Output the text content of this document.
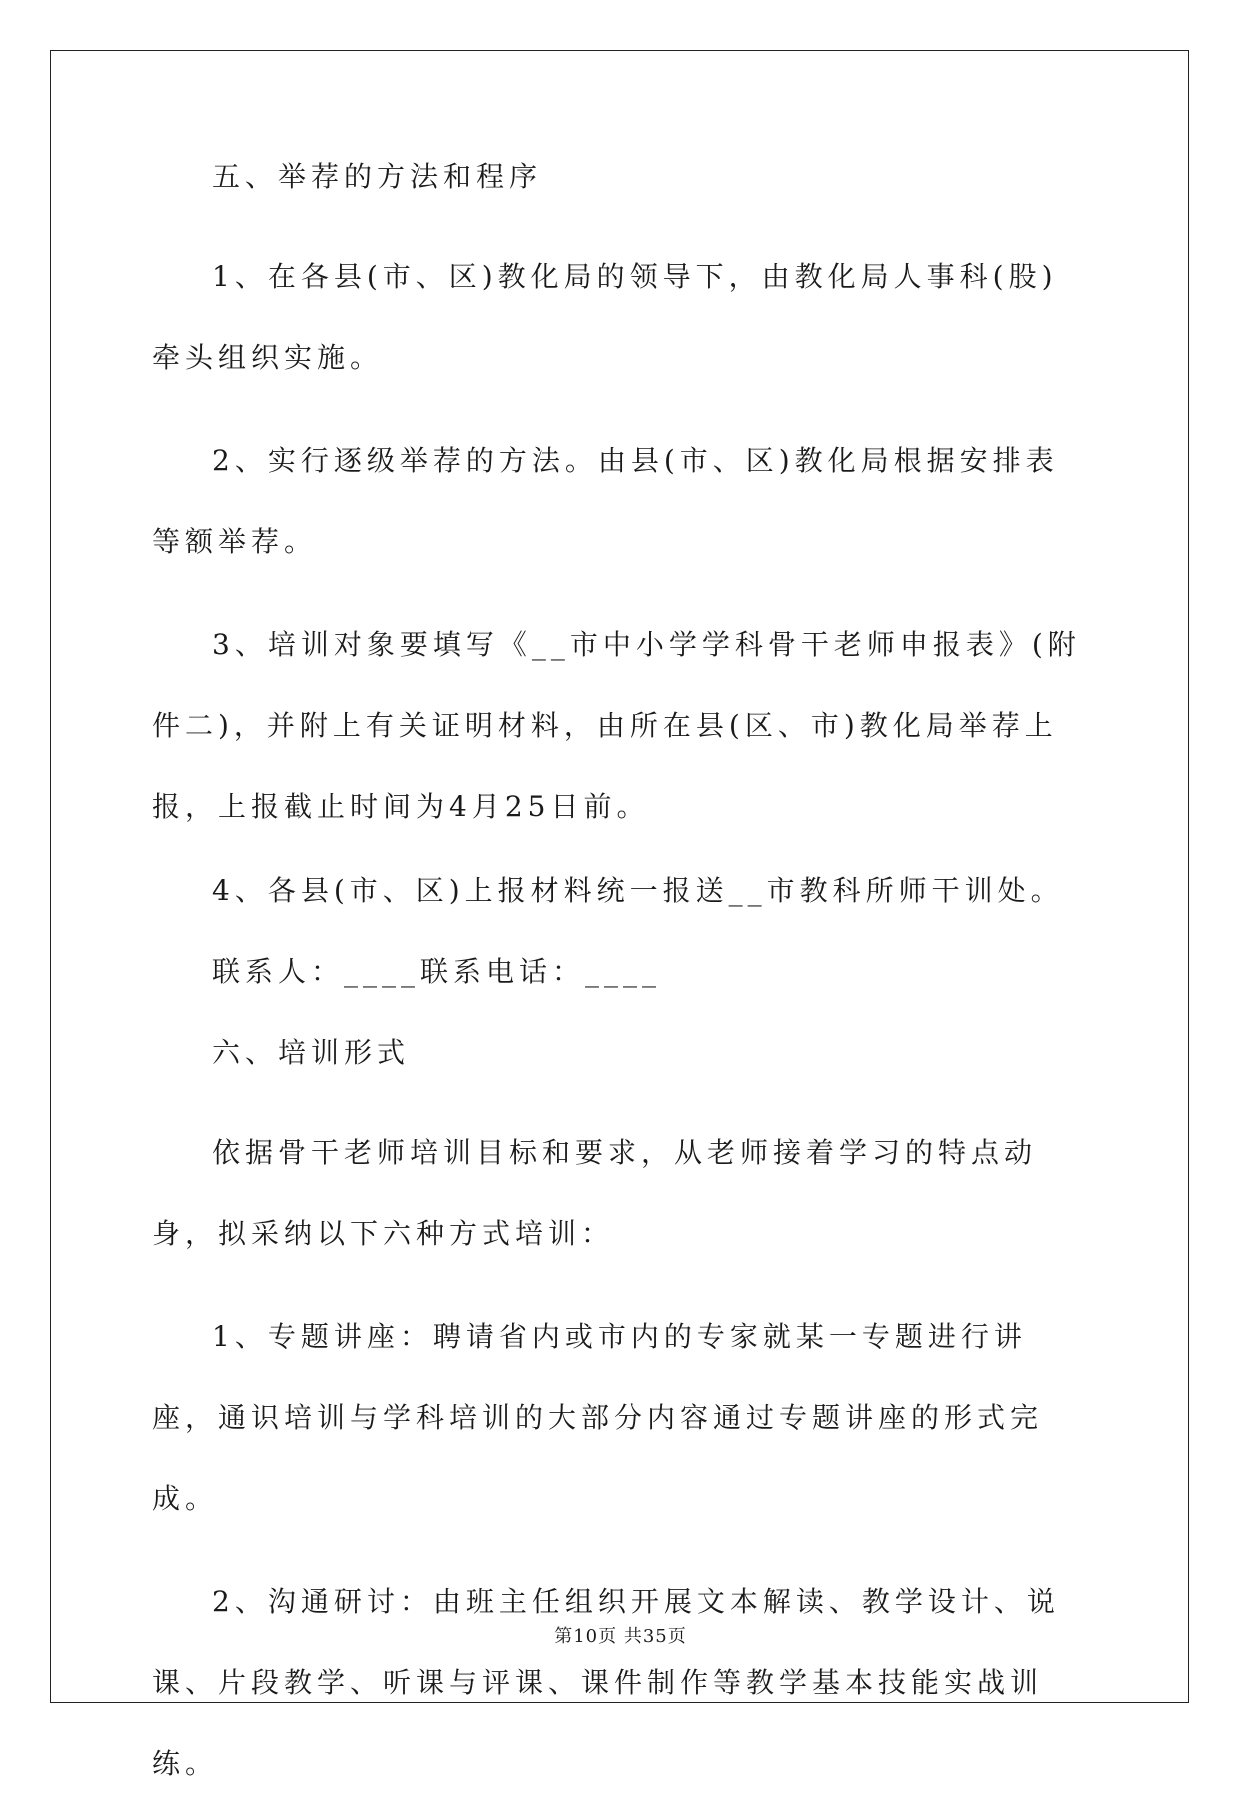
五、举荐的方法和程序

1、在各县(市、区)教化局的领导下，由教化局人事科(股)牵头组织实施。

2、实行逐级举荐的方法。由县(市、区)教化局根据安排表等额举荐。

3、培训对象要填写《__市中小学学科骨干老师申报表》(附件二)，并附上有关证明材料，由所在县(区、市)教化局举荐上报，上报截止时间为4月25日前。

4、各县(市、区)上报材料统一报送__市教科所师干训处。

联系人：____联系电话：____

六、培训形式

依据骨干老师培训目标和要求，从老师接着学习的特点动身，拟采纳以下六种方式培训：

1、专题讲座：聘请省内或市内的专家就某一专题进行讲座，通识培训与学科培训的大部分内容通过专题讲座的形式完成。

2、沟通研讨：由班主任组织开展文本解读、教学设计、说课、片段教学、听课与评课、课件制作等教学基本技能实战训练。

第10页 共35页
